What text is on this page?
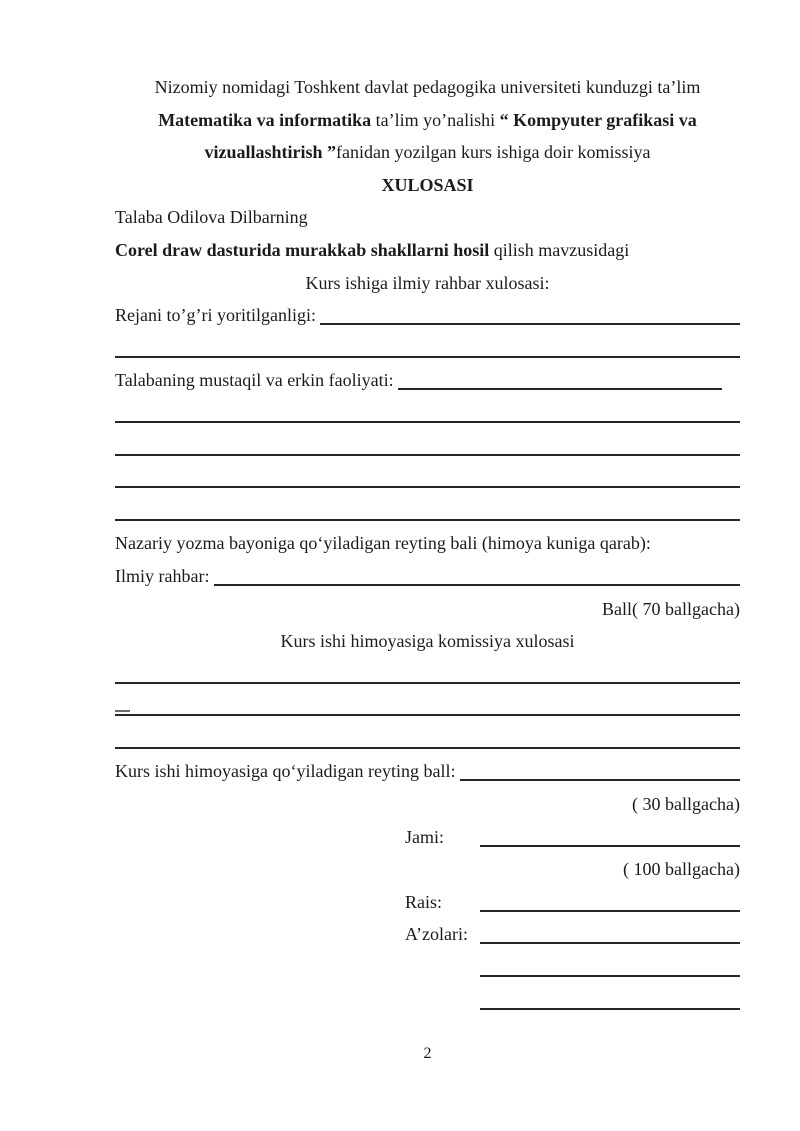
Nizomiy nomidagi Toshkent davlat pedagogika universiteti kunduzgi ta’lim
Matematika va informatika ta’lim yo’nalishi “ Kompyuter grafikasi va
vizuallashtirish ”fanidan yozilgan kurs ishiga doir komissiya
XULOSASI
Talaba Odilova Dilbarning
Corel draw dasturida murakkab shakllarni hosil qilish mavzusidagi
Kurs ishiga ilmiy rahbar xulosasi:
Rejani to’g’ri yoritilganligi:
Talabaning mustaqil va erkin faoliyati:
Nazariy yozma bayoniga qoʻyiladigan reyting bali (himoya kuniga qarab):
Ilmiy rahbar:
Ball( 70 ballgacha)
Kurs ishi himoyasiga komissiya xulosasi
Kurs ishi himoyasiga qoʻyiladigan reyting ball:
( 30 ballgacha)
Jami:
( 100 ballgacha)
Rais:
A’zolari:
2
